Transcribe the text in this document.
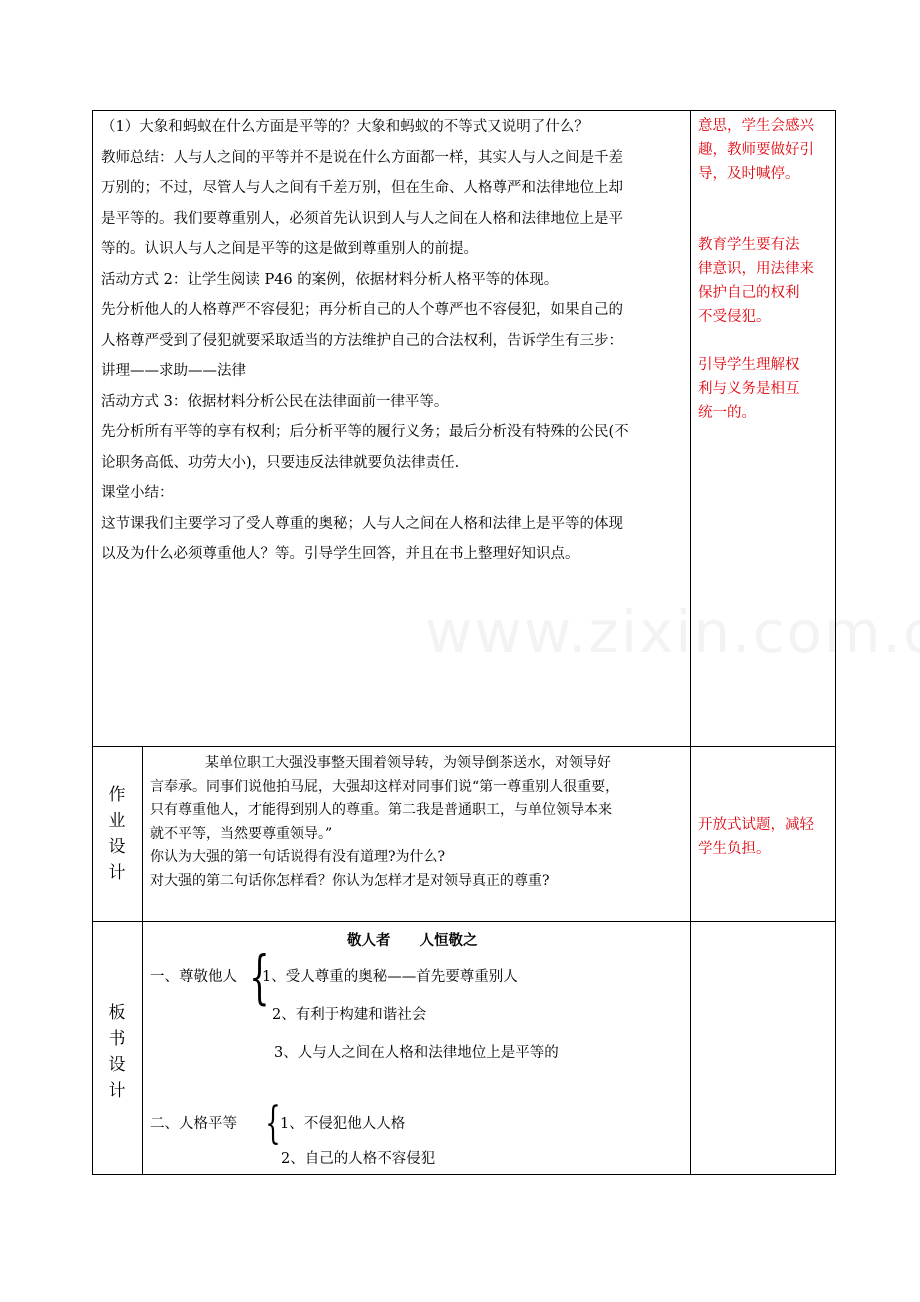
（1）大象和蚂蚁在什么方面是平等的？大象和蚂蚁的不等式又说明了什么？

教师总结：人与人之间的平等并不是说在什么方面都一样，其实人与人之间是千差

万别的；不过，尽管人与人之间有千差万别，但在生命、人格尊严和法律地位上却

是平等的。我们要尊重别人，必须首先认识到人与人之间在人格和法律地位上是平

等的。认识人与人之间是平等的这是做到尊重别人的前提。

活动方式 2：让学生阅读 P46 的案例，依据材料分析人格平等的体现。

先分析他人的人格尊严不容侵犯；再分析自己的人个尊严也不容侵犯，如果自己的

人格尊严受到了侵犯就要采取适当的方法维护自己的合法权利，告诉学生有三步：

讲理——求助——法律

活动方式 3：依据材料分析公民在法律面前一律平等。

先分析所有平等的享有权利；后分析平等的履行义务；最后分析没有特殊的公民(不

论职务高低、功劳大小)，只要违反法律就要负法律责任.

课堂小结：

这节课我们主要学习了受人尊重的奥秘；人与人之间在人格和法律上是平等的体现

以及为什么必须尊重他人？等。引导学生回答，并且在书上整理好知识点。

意思，学生会感兴

趣，教师要做好引

导，及时喊停。

教育学生要有法

律意识，用法律来

保护自己的权利

不受侵犯。

引导学生理解权

利与义务是相互

统一的。

开放式试题，减轻

学生负担。

作

业

设

计

某单位职工大强没事整天围着领导转，为领导倒茶送水，对领导好

言奉承。同事们说他拍马屁，大强却这样对同事们说“第一尊重别人很重要，

只有尊重他人，才能得到别人的尊重。第二我是普通职工，与单位领导本来

就不平等，当然要尊重领导。”

你认为大强的第一句话说得有没有道理?为什么?

对大强的第二句话你怎样看？你认为怎样才是对领导真正的尊重?

板

书

设

计

敬人者　　人恒敬之
一、尊敬他人 {
1、受人尊重的奥秘——首先要尊重别人
2、有利于构建和谐社会
3、人与人之间在人格和法律地位上是平等的
二、人格平等 { 1、不侵犯他人人格
2、自己的人格不容侵犯
